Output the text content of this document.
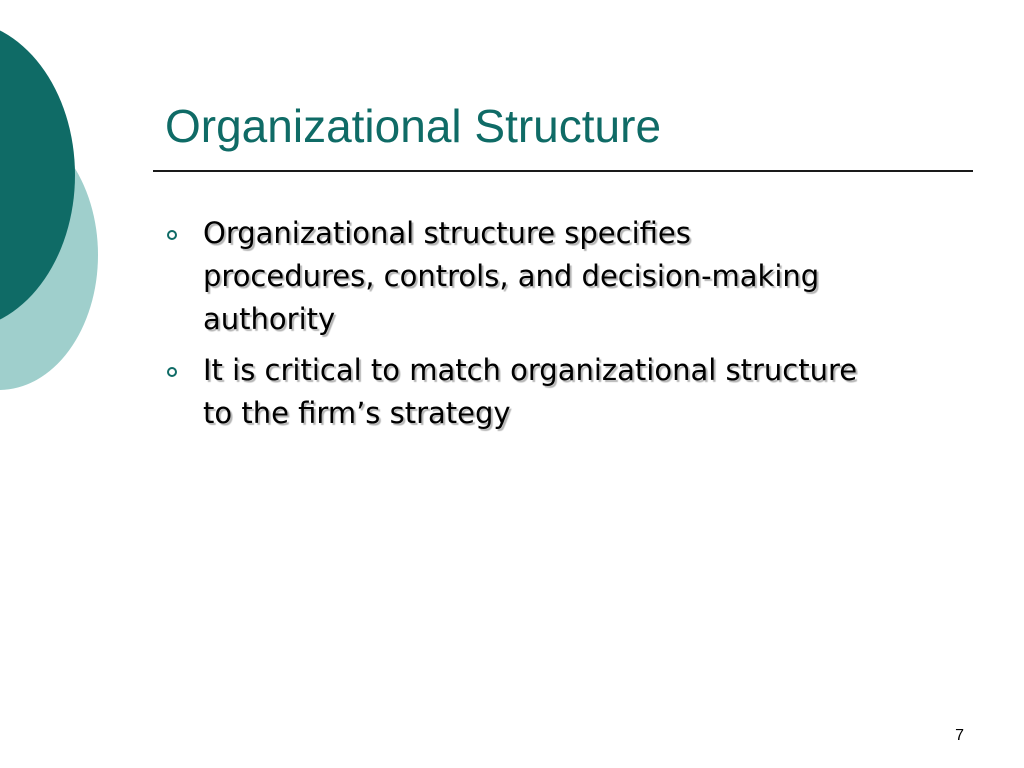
Organizational Structure
Organizational structure specifies procedures, controls, and decision-making authority
It is critical to match organizational structure to the firm’s strategy
7
